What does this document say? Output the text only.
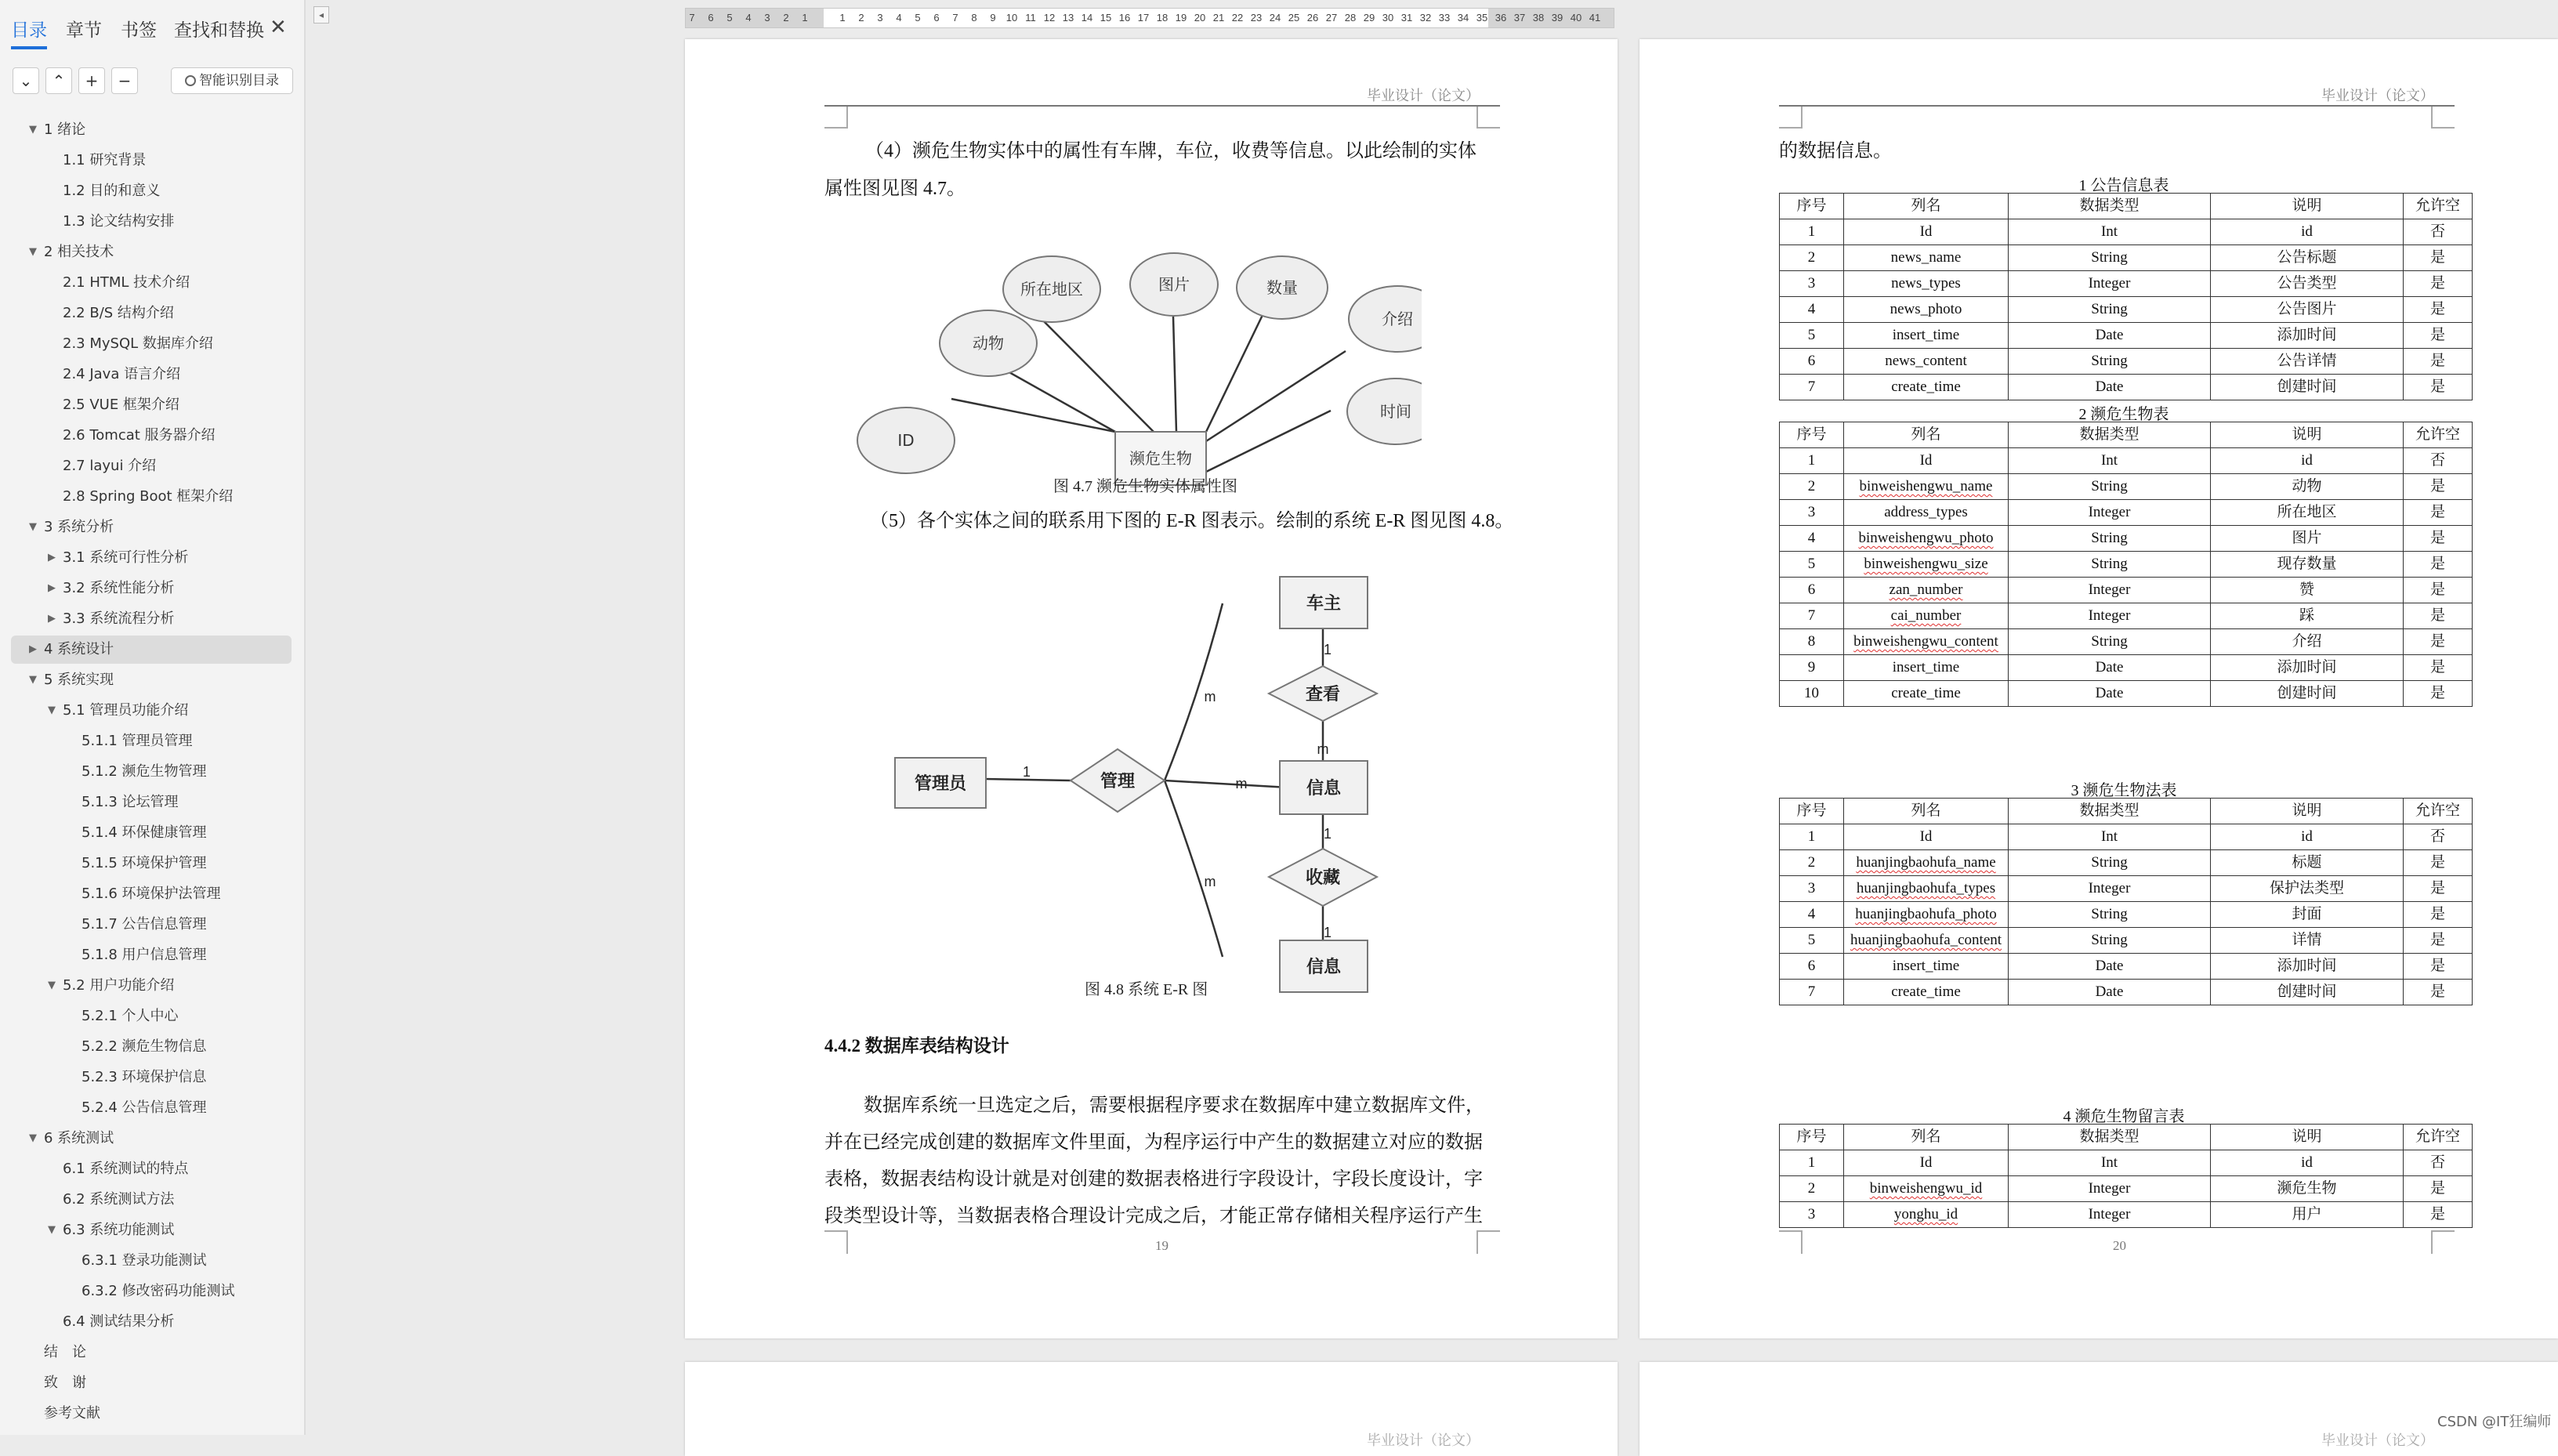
目录 章节 书签 查找和替换 ✕
⌄	⌃	+	−	智能识别目录
▼ 1 绪论
1.1 研究背景
1.2 目的和意义
1.3 论文结构安排
▼ 2 相关技术
2.1 HTML 技术介绍
2.2 B/S 结构介绍
2.3 MySQL 数据库介绍
2.4 Java 语言介绍
2.5 VUE 框架介绍
2.6 Tomcat 服务器介绍
2.7 layui 介绍
2.8 Spring Boot 框架介绍
▼ 3 系统分析
▶ 3.1 系统可行性分析
▶ 3.2 系统性能分析
▶ 3.3 系统流程分析
▶ 4 系统设计
▼ 5 系统实现
▼ 5.1 管理员功能介绍
5.1.1 管理员管理
5.1.2 濒危生物管理
5.1.3 论坛管理
5.1.4 环保健康管理
5.1.5 环境保护管理
5.1.6 环境保护法管理
5.1.7 公告信息管理
5.1.8 用户信息管理
▼ 5.2 用户功能介绍
5.2.1 个人中心
5.2.2 濒危生物信息
5.2.3 环境保护信息
5.2.4 公告信息管理
▼ 6 系统测试
6.1 系统测试的特点
6.2 系统测试方法
▼ 6.3 系统功能测试
6.3.1 登录功能测试
6.3.2 修改密码功能测试
6.4 测试结果分析
结　论
致　谢
参考文献
◂	7	6	5	4	3	2	1	1	2	3	4	5	6	7	8	9	10 11 12 13 14 15 16 17 18 19 20 21 22 23 24 25 26 27 28 29 30 31 32 33 34 35 36 37 38 39 40 41
毕业设计（论文）
（4）濒危生物实体中的属性有车牌，车位，收费等信息。以此绘制的实体
属性图见图 4.7。
濒危生物
ID
动物
所在地区	图片	数量
介绍
时间
图 4.7 濒危生物实体属性图
（5）各个实体之间的联系用下图的 E-R 图表示。绘制的系统 E-R 图见图 4.8。
管理员	管理
车主
查看
信息
收藏
信息
1
1
m
1
1
m
m
m
图 4.8 系统 E-R 图
4.4.2 数据库表结构设计
数据库系统一旦选定之后，需要根据程序要求在数据库中建立数据库文件，
并在已经完成创建的数据库文件里面，为程序运行中产生的数据建立对应的数据
表格，数据表结构设计就是对创建的数据表格进行字段设计，字段长度设计，字
段类型设计等，当数据表格合理设计完成之后，才能正常存储相关程序运行产生
19
毕业设计（论文）
的数据信息。
1 公告信息表
序号	列名	数据类型	说明	允许空
1	Id	Int	id	否
2	news_name	String	公告标题	是
3	news_types	Integer	公告类型	是
4	news_photo	String	公告图片	是
5	insert_time	Date	添加时间	是
6	news_content	String	公告详情	是
7	create_time	Date	创建时间	是
2 濒危生物表
序号	列名	数据类型	说明	允许空
1	Id	Int	id	否
2	binweishengwu_name	String	动物	是
3	address_types	Integer	所在地区	是
4	binweishengwu_photo	String	图片	是
5	binweishengwu_size	String	现存数量	是
6	zan_number	Integer	赞	是
7	cai_number	Integer	踩	是
8	binweishengwu_content	String	介绍	是
9	insert_time	Date	添加时间	是
10	create_time	Date	创建时间	是
3 濒危生物法表
序号	列名	数据类型	说明	允许空
1	Id	Int	id	否
2	huanjingbaohufa_name	String	标题	是
3	huanjingbaohufa_types	Integer	保护法类型	是
4	huanjingbaohufa_photo	String	封面	是
5	huanjingbaohufa_content	String	详情	是
6	insert_time	Date	添加时间	是
7	create_time	Date	创建时间	是
4 濒危生物留言表
序号	列名	数据类型	说明	允许空
1	Id	Int	id	否
2	binweishengwu_id	Integer	濒危生物	是
3	yonghu_id	Integer	用户	是
20
毕业设计（论文）	毕业设计（论文）
CSDN @IT狂编师
